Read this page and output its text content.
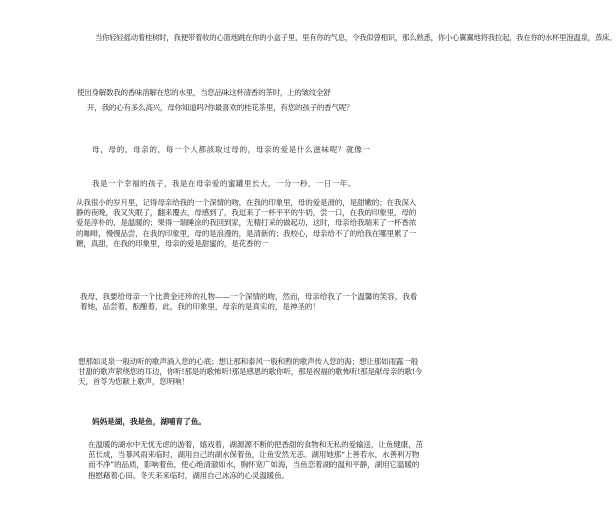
当你轻轻摇动着桂树时，我便带着收的心篮地跳在你的小盒子里，里有你的气息，令我似曾相识，那么熟悉，你小心翼翼地将我拉起，我在你的水杯里泡温泉，蒸床。
使出身解数我的香味溶解在您的水里，当您品味这杯清香的茶时，上的皱纹全舒
开，我的心有多么高兴，母你知道吗?你最喜欢的桂花茶里，有您的孩子的香气呢？
母，母的，母亲的，每一个人都該取过母的，母亲的爱是什么滋味呢？就像一
我是一个幸福的孩子，我是在母亲爱的蜜罐里长大，一分一秒，一日一年。
从我很小的岁月里，记得母亲给我的一个深情的吻，在我的印象里，母的爱是滑的，是甜嫩的；在我深入静的夜晚，我又失眠了，翻来覆去，母感到了，我逗来了一杯平平的牛奶，尝一口，在我的印象里，母的爱是淳朴的，是温暖的；果得一瑞睡涂的我回到家，无精打采的做起功，这时，母亲给我端来了一杯香浓的咖啡，慢慢品尝，在我的印象里，母的是浪漫的，是清新的；我校心，母亲给不了的给我在哪里累了一糖，真甜，在我的印象里，母亲的爱是甜蜜的，是花香的一
我母，我要给母亲一个比黄金还珍的礼物——一个深情的吻，然而，母亲给我了一个温馨的笑容，我看着她，品尝着，酝酿着，此，我的印象里，母亲的是真实的，是神圣的！
想那如灵泉一般动听的歌声淌入您的心底；想让那和泰风一般和煦的歌声传入您的海；想让那如雨露一般甘甜的歌声萦绕您的耳边，你听!那是的歌怖听!那是感恩的歌你听，那是祝福的歌怖听!那是献母亲的歌!今天，首苓为您献上歌声，您明响！
妈妈是湖，我是鱼，湖哺育了鱼。
在温暖的湖水中无忧无虑的游着，嬉戏着，湖源源不断的把香甜的食物和无私的爱输送，让鱼健康，茁茁长成，当暴风雨来临时，湖用自己的湖水保着鱼，让鱼安然无恙。湖用她那“上善若水，水善利万物而不净”的品质，影响着鱼，使心绝清澈如水，胸怀宽广如海，当鱼恋着湖的温和平静，湖用它温暖的抱慰藉着心田。冬天来来临时，湖用自己冰冻的心灵温暖鱼。
